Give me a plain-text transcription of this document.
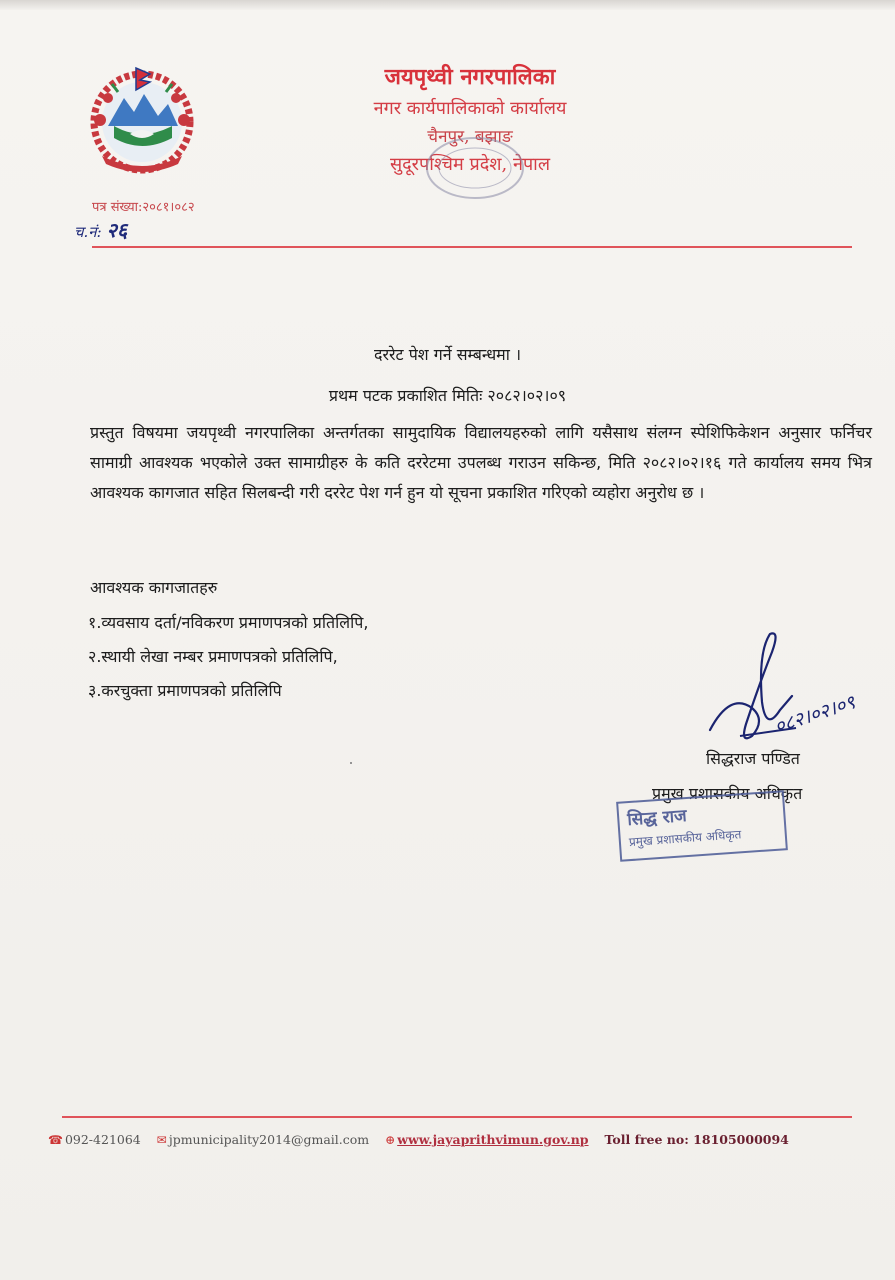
जयपृथ्वी नगरपालिका
नगर कार्यपालिकाको कार्यालय
चैनपुर, बझाङ
सुदूरपश्चिम प्रदेश, नेपाल
पत्र संख्या:२०८१।०८२
च.नं: २६
दररेट पेश गर्ने सम्बन्धमा ।
प्रथम पटक प्रकाशित मितिः २०८२।०२।०९
प्रस्तुत विषयमा जयपृथ्वी नगरपालिका अन्तर्गतका सामुदायिक विद्यालयहरुको लागि यसैसाथ संलग्न स्पेशिफिकेशन अनुसार फर्निचर सामाग्री आवश्यक भएकोले उक्त सामाग्रीहरु के कति दररेटमा उपलब्ध गराउन सकिन्छ, मिति २०८२।०२।१६ गते कार्यालय समय भित्र आवश्यक कागजात सहित सिलबन्दी गरी दररेट पेश गर्न हुन यो सूचना प्रकाशित गरिएको व्यहोरा अनुरोध छ ।
आवश्यक कागजातहरु
१.व्यवसाय दर्ता/नविकरण प्रमाणपत्रको प्रतिलिपि,
२.स्थायी लेखा नम्बर प्रमाणपत्रको प्रतिलिपि,
३.करचुक्ता प्रमाणपत्रको प्रतिलिपि
०८२।०२।०९
सिद्धराज पण्डित
प्रमुख प्रशासकीय अधिकृत
सिद्ध राज
प्रमुख प्रशासकीय अधिकृत
☎ 092-421064 ✉ jpmunicipality2014@gmail.com ⊕ www.jayaprithvimun.gov.np Toll free no: 18105000094
